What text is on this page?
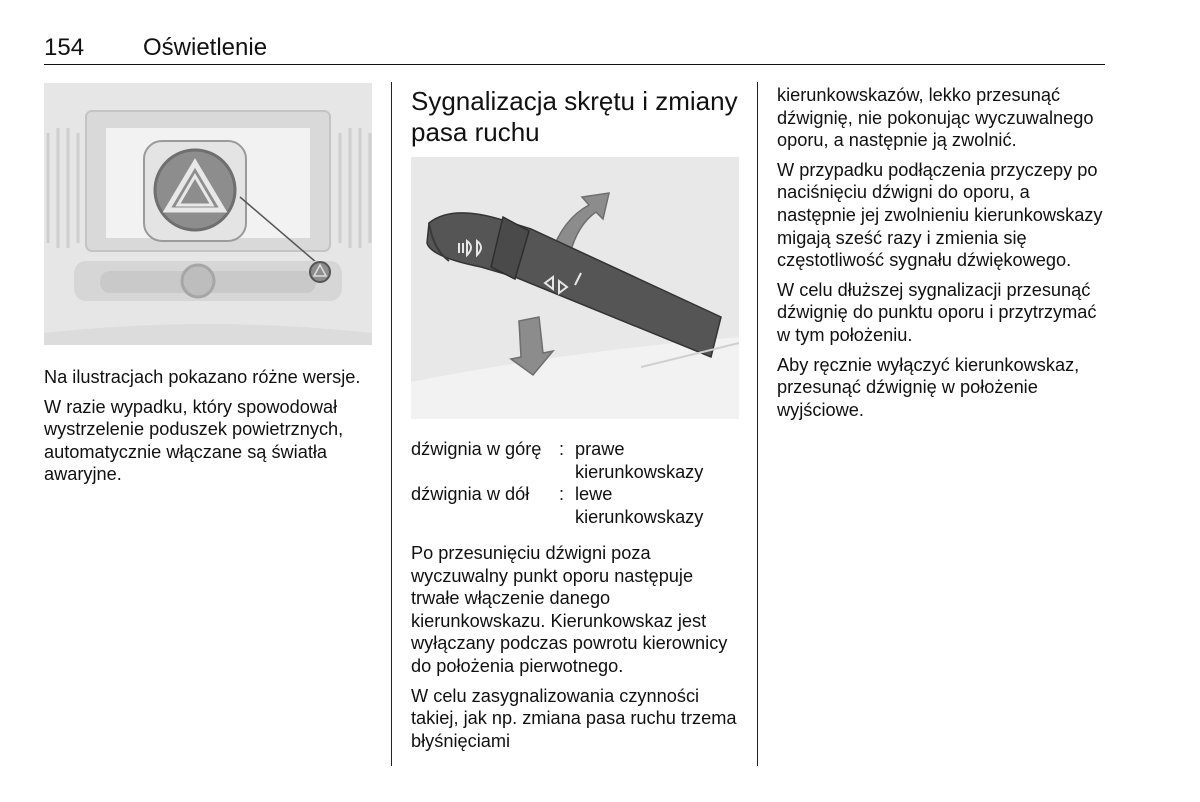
154 Oświetlenie

Na ilustracjach pokazano różne wersje.

W razie wypadku, który spowodował wystrzelenie poduszek powietrznych, automatycznie włączane są światła awaryjne.

Sygnalizacja skrętu i zmiany pasa ruchu
dźwignia w górę : prawe kierunkowskazy
dźwignia w dół	: lewe kierunkowskazy

Po przesunięciu dźwigni poza wyczuwalny punkt oporu następuje trwałe włączenie danego kierunkowskazu. Kierunkowskaz jest wyłączany podczas powrotu kierownicy do położenia pierwotnego.

W celu zasygnalizowania czynności takiej, jak np. zmiana pasa ruchu trzema błyśnięciami

kierunkowskazów, lekko przesunąć dźwignię, nie pokonując wyczuwalnego oporu, a następnie ją zwolnić.

W przypadku podłączenia przyczepy po naciśnięciu dźwigni do oporu, a następnie jej zwolnieniu kierunkowskazy migają sześć razy i zmienia się częstotliwość sygnału dźwiękowego.

W celu dłuższej sygnalizacji przesunąć dźwignię do punktu oporu i przytrzymać w tym położeniu.

Aby ręcznie wyłączyć kierunkowskaz, przesunąć dźwignię w położenie wyjściowe.
